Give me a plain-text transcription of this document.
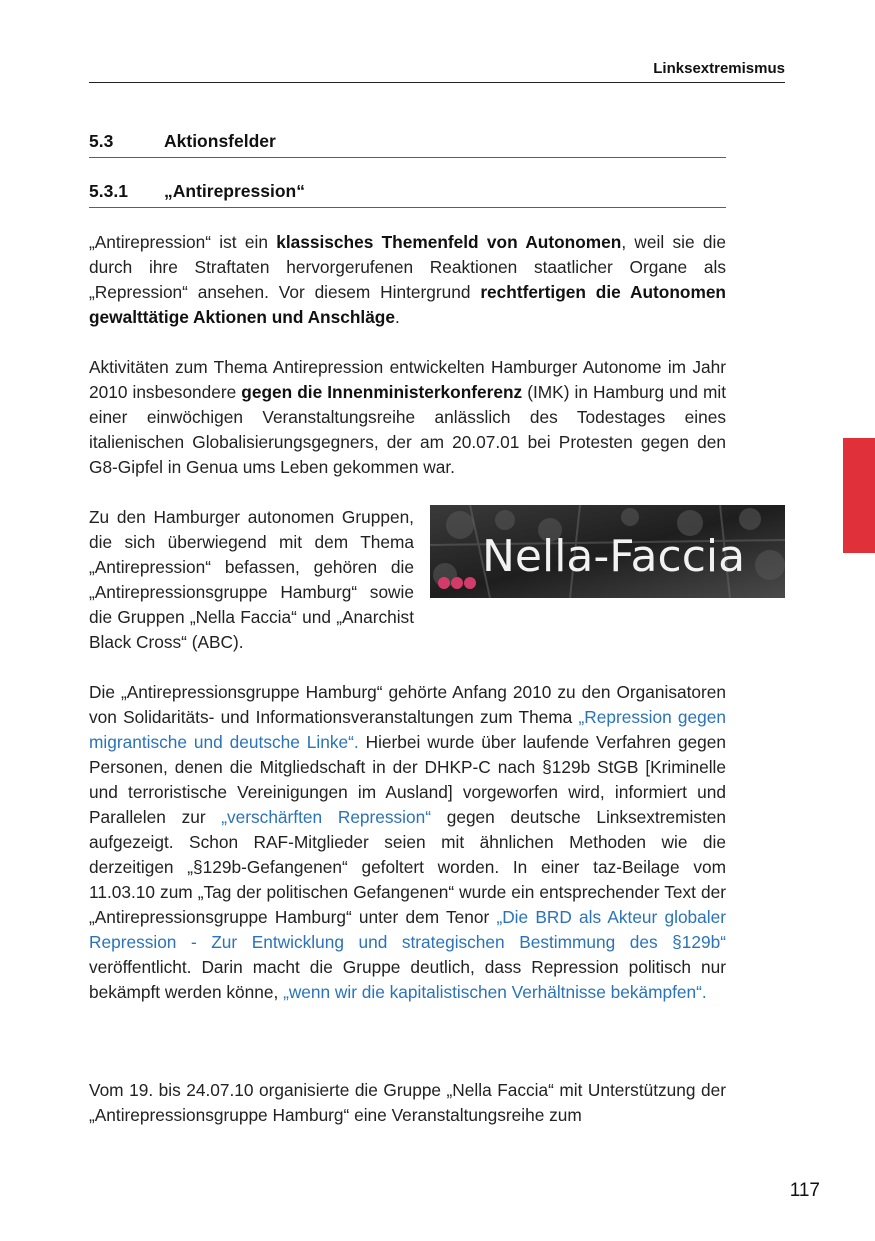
Linksextremismus
5.3	Aktionsfelder
5.3.1 „Antirepression“
„Antirepression“ ist ein klassisches Themenfeld von Autonomen, weil sie die durch ihre Straftaten hervorgerufenen Reaktionen staatlicher Organe als „Repression“ ansehen. Vor diesem Hintergrund rechtfertigen die Autonomen gewalttätige Aktionen und Anschläge.
Aktivitäten zum Thema Antirepression entwickelten Hamburger Autonome im Jahr 2010 insbesondere gegen die Innenministerkonferenz (IMK) in Hamburg und mit einer einwöchigen Veranstaltungsreihe anlässlich des Todestages eines italienischen Globalisierungsgegners, der am 20.07.01 bei Protesten gegen den G8-Gipfel in Genua ums Leben gekommen war.
Nella-Faccia
Zu den Hamburger autonomen Gruppen, die sich überwiegend mit dem Thema „Antirepression“ befassen, gehören die „Antirepressionsgruppe Hamburg“ sowie die Gruppen „Nella Faccia“ und „Anarchist Black Cross“ (ABC).
Die „Antirepressionsgruppe Hamburg“ gehörte Anfang 2010 zu den Organisatoren von Solidaritäts- und Informationsveranstaltungen zum Thema „Repression gegen migrantische und deutsche Linke“. Hierbei wurde über laufende Verfahren gegen Personen, denen die Mitgliedschaft in der DHKP-C nach §129b StGB [Kriminelle und terroristische Vereinigungen im Ausland] vorgeworfen wird, informiert und Parallelen zur „verschärften Repression“ gegen deutsche Linksextremisten aufgezeigt. Schon RAF-Mitglieder seien mit ähnlichen Methoden wie die derzeitigen „§129b-Gefangenen“ gefoltert worden. In einer taz-Beilage vom 11.03.10 zum „Tag der politischen Gefangenen“ wurde ein entsprechender Text der „Antirepressionsgruppe Hamburg“ unter dem Tenor „Die BRD als Akteur globaler Repression - Zur Entwicklung und strategischen Bestimmung des §129b“ veröffentlicht. Darin macht die Gruppe deutlich, dass Repression politisch nur bekämpft werden könne, „wenn wir die kapitalistischen Verhältnisse bekämpfen“.
Vom 19. bis 24.07.10 organisierte die Gruppe „Nella Faccia“ mit Unterstützung der „Antirepressionsgruppe Hamburg“ eine Veranstaltungsreihe zum
117
